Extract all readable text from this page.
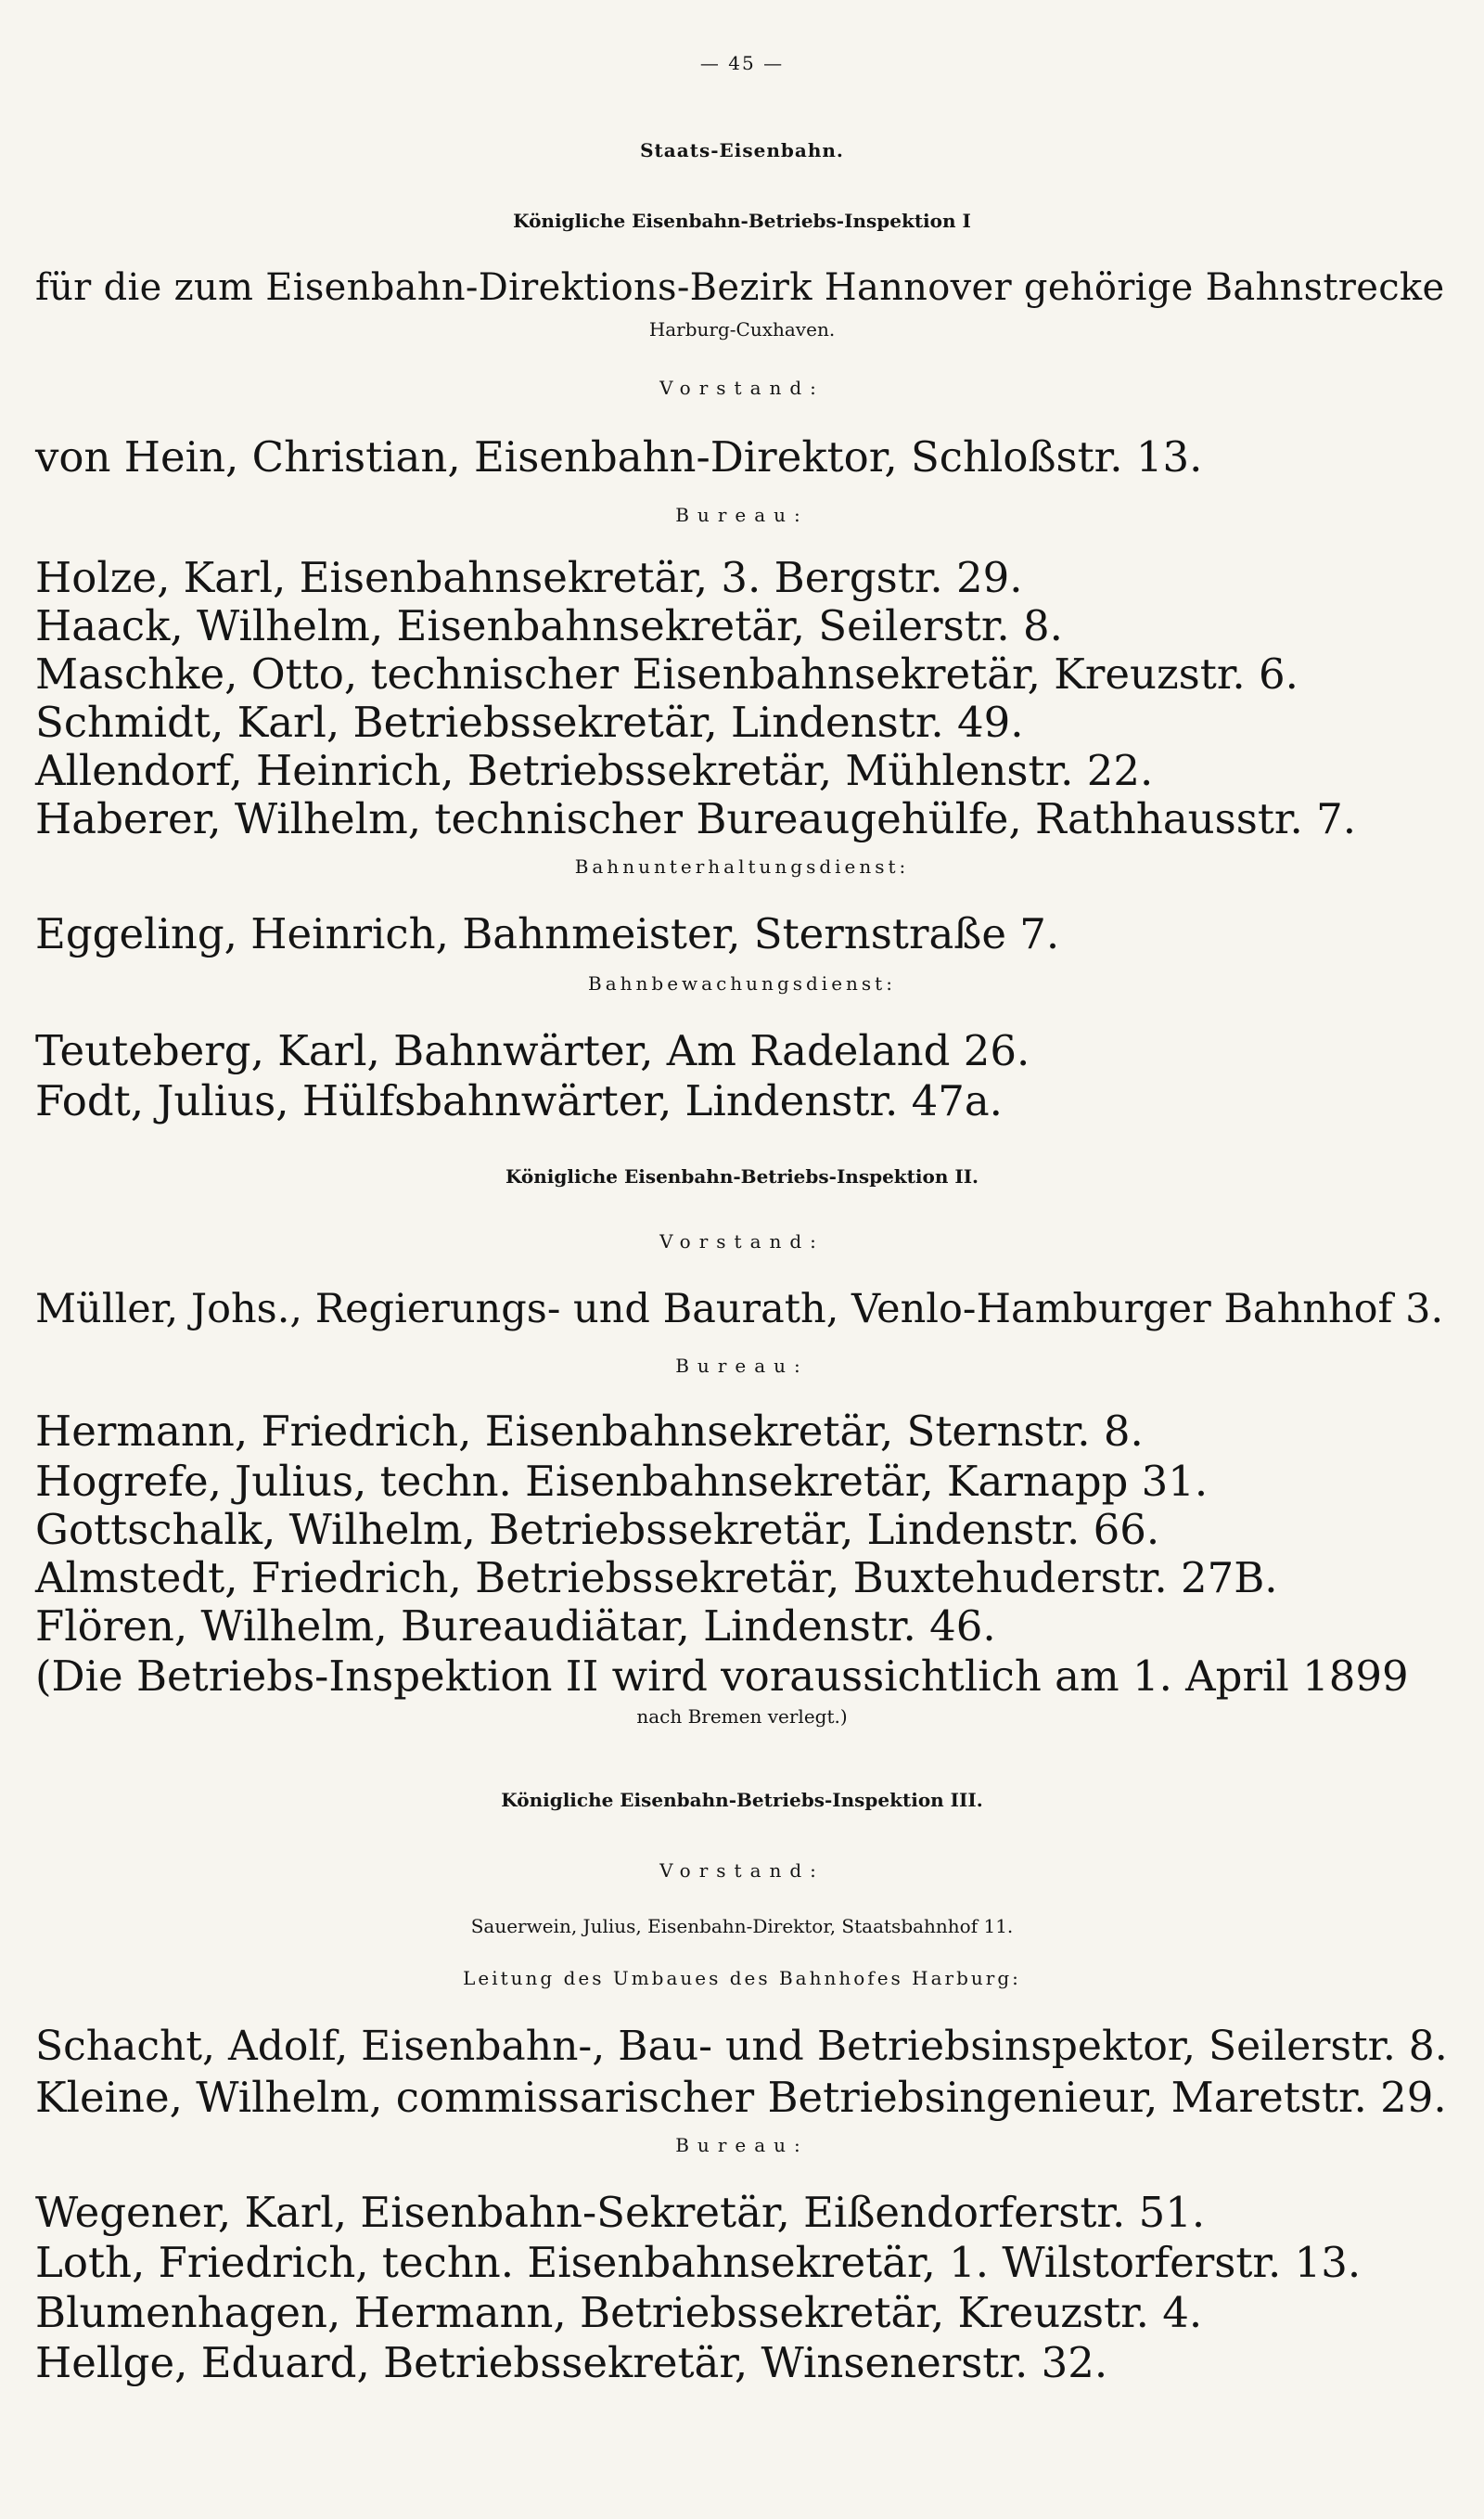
— 45 —
Staats-Eisenbahn.
Königliche Eisenbahn-Betriebs-Inspektion I
für die zum Eisenbahn-Direktions-Bezirk Hannover gehörige Bahnstrecke
Harburg-Cuxhaven.
Vorstand:
von Hein, Christian, Eisenbahn-Direktor, Schloßstr. 13.
Bureau:
Holze, Karl, Eisenbahnsekretär, 3. Bergstr. 29.
Haack, Wilhelm, Eisenbahnsekretär, Seilerstr. 8.
Maschke, Otto, technischer Eisenbahnsekretär, Kreuzstr. 6.
Schmidt, Karl, Betriebssekretär, Lindenstr. 49.
Allendorf, Heinrich, Betriebssekretär, Mühlenstr. 22.
Haberer, Wilhelm, technischer Bureaugehülfe, Rathhausstr. 7.
Bahnunterhaltungsdienst:
Eggeling, Heinrich, Bahnmeister, Sternstraße 7.
Bahnbewachungsdienst:
Teuteberg, Karl, Bahnwärter, Am Radeland 26.
Fodt, Julius, Hülfsbahnwärter, Lindenstr. 47a.
Königliche Eisenbahn-Betriebs-Inspektion II.
Vorstand:
Müller, Johs., Regierungs- und Baurath, Venlo-Hamburger Bahnhof 3.
Bureau:
Hermann, Friedrich, Eisenbahnsekretär, Sternstr. 8.
Hogrefe, Julius, techn. Eisenbahnsekretär, Karnapp 31.
Gottschalk, Wilhelm, Betriebssekretär, Lindenstr. 66.
Almstedt, Friedrich, Betriebssekretär, Buxtehuderstr. 27B.
Flören, Wilhelm, Bureaudiätar, Lindenstr. 46.
(Die Betriebs-Inspektion II wird voraussichtlich am 1. April 1899
nach Bremen verlegt.)
Königliche Eisenbahn-Betriebs-Inspektion III.
Vorstand:
Sauerwein, Julius, Eisenbahn-Direktor, Staatsbahnhof 11.
Leitung des Umbaues des Bahnhofes Harburg:
Schacht, Adolf, Eisenbahn-, Bau- und Betriebsinspektor, Seilerstr. 8.
Kleine, Wilhelm, commissarischer Betriebsingenieur, Maretstr. 29.
Bureau:
Wegener, Karl, Eisenbahn-Sekretär, Eißendorferstr. 51.
Loth, Friedrich, techn. Eisenbahnsekretär, 1. Wilstorferstr. 13.
Blumenhagen, Hermann, Betriebssekretär, Kreuzstr. 4.
Hellge, Eduard, Betriebssekretär, Winsenerstr. 32.
